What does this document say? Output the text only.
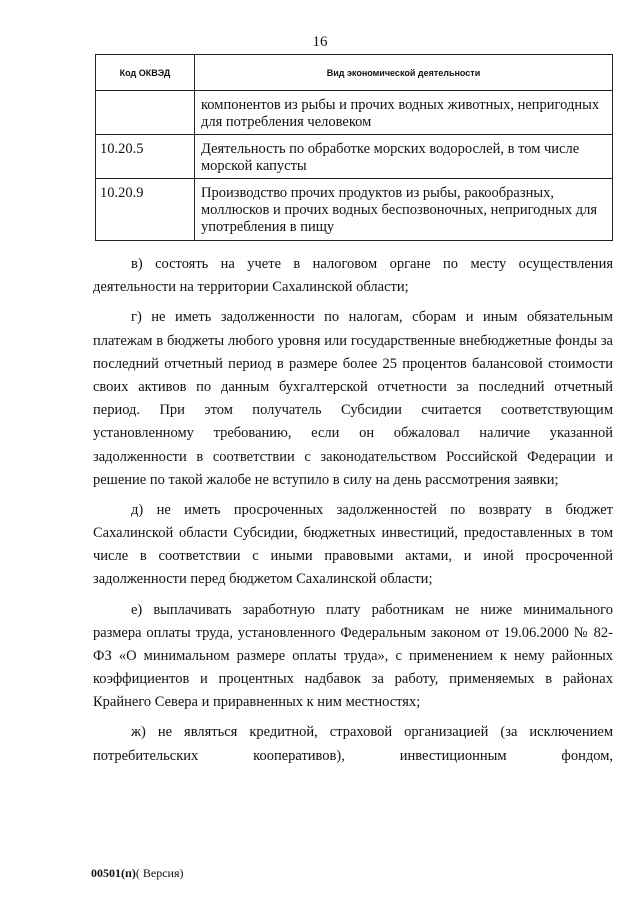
16
Код ОКВЭД	Вид экономической деятельности
	компонентов из рыбы и прочих водных животных, непригодных для потребления человеком
10.20.5	Деятельность по обработке морских водорослей, в том числе морской капусты
10.20.9	Производство прочих продуктов из рыбы, ракообразных, моллюсков и прочих водных беспозвоночных, непригодных для употребления в пищу

в) состоять на учете в налоговом органе по месту осуществления деятельности на территории Сахалинской области;

г) не иметь задолженности по налогам, сборам и иным обязательным платежам в бюджеты любого уровня или государственные внебюджетные фонды за последний отчетный период в размере более 25 процентов балансовой стоимости своих активов по данным бухгалтерской отчетности за последний отчетный период. При этом получатель Субсидии считается соответствующим установленному требованию, если он обжаловал наличие указанной задолженности в соответствии с законодательством Российской Федерации и решение по такой жалобе не вступило в силу на день рассмотрения заявки;

д) не иметь просроченных задолженностей по возврату в бюджет Сахалинской области Субсидии, бюджетных инвестиций, предоставленных в том числе в соответствии с иными правовыми актами, и иной просроченной задолженности перед бюджетом Сахалинской области;

е) выплачивать заработную плату работникам не ниже минимального размера оплаты труда, установленного Федеральным законом от 19.06.2000 № 82-ФЗ «О минимальном размере оплаты труда», с применением к нему районных коэффициентов и процентных надбавок за работу, применяемых в районах Крайнего Севера и приравненных к ним местностях;

ж) не являться кредитной, страховой организацией (за исключением потребительских кооперативов), инвестиционным фондом,

00501(п)( Версия)
